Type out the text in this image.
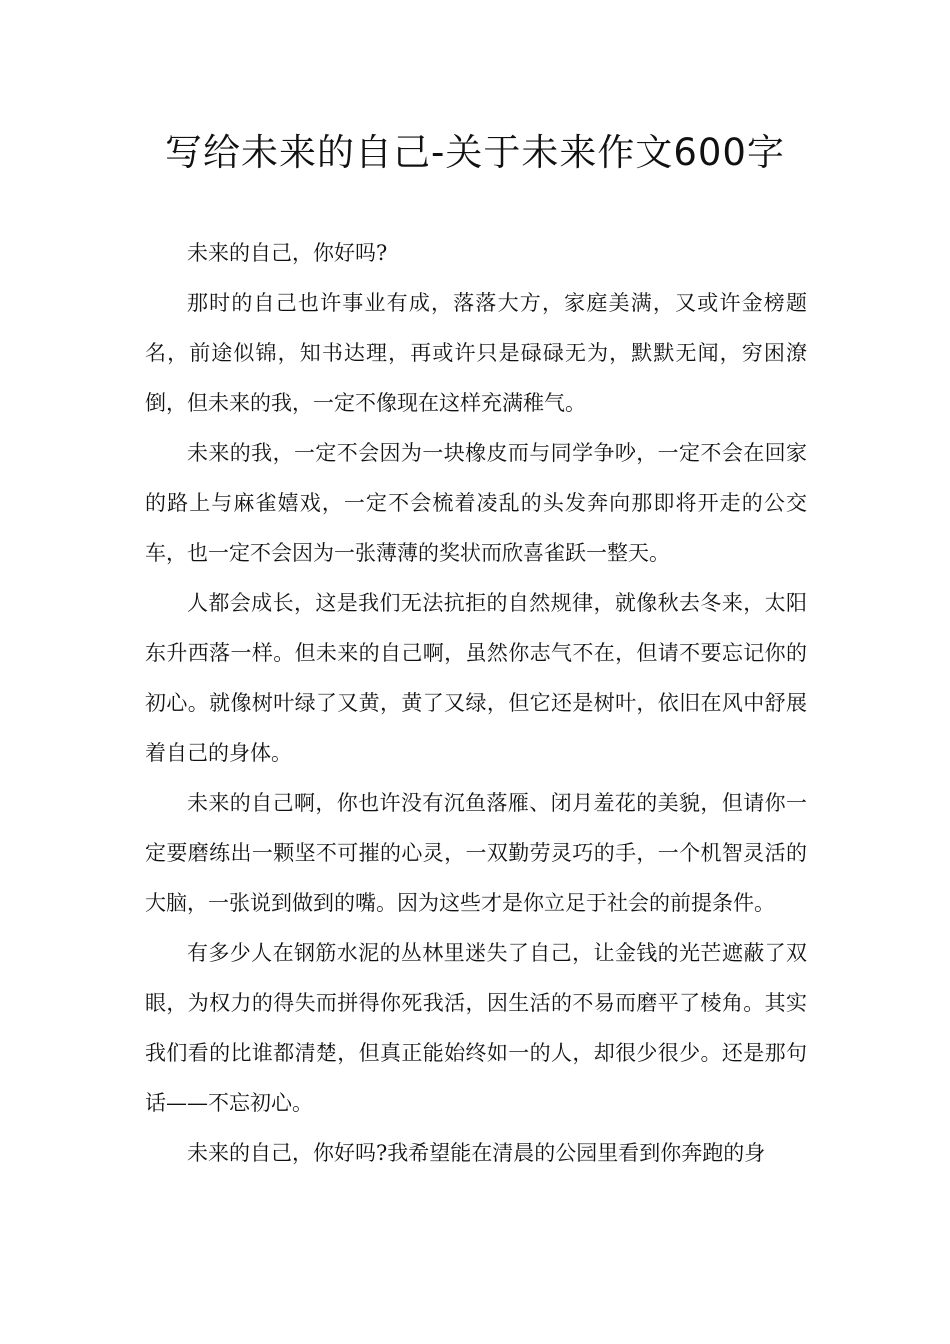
写给未来的自己-关于未来作文600字

未来的自己，你好吗?

那时的自己也许事业有成，落落大方，家庭美满，又或许金榜题名，前途似锦，知书达理，再或许只是碌碌无为，默默无闻，穷困潦倒，但未来的我，一定不像现在这样充满稚气。

未来的我，一定不会因为一块橡皮而与同学争吵，一定不会在回家的路上与麻雀嬉戏，一定不会梳着凌乱的头发奔向那即将开走的公交车，也一定不会因为一张薄薄的奖状而欣喜雀跃一整天。

人都会成长，这是我们无法抗拒的自然规律，就像秋去冬来，太阳东升西落一样。但未来的自己啊，虽然你志气不在，但请不要忘记你的初心。就像树叶绿了又黄，黄了又绿，但它还是树叶，依旧在风中舒展着自己的身体。

未来的自己啊，你也许没有沉鱼落雁、闭月羞花的美貌，但请你一定要磨练出一颗坚不可摧的心灵，一双勤劳灵巧的手，一个机智灵活的大脑，一张说到做到的嘴。因为这些才是你立足于社会的前提条件。

有多少人在钢筋水泥的丛林里迷失了自己，让金钱的光芒遮蔽了双眼，为权力的得失而拼得你死我活，因生活的不易而磨平了棱角。其实我们看的比谁都清楚，但真正能始终如一的人，却很少很少。还是那句话——不忘初心。

未来的自己，你好吗?我希望能在清晨的公园里看到你奔跑的身
